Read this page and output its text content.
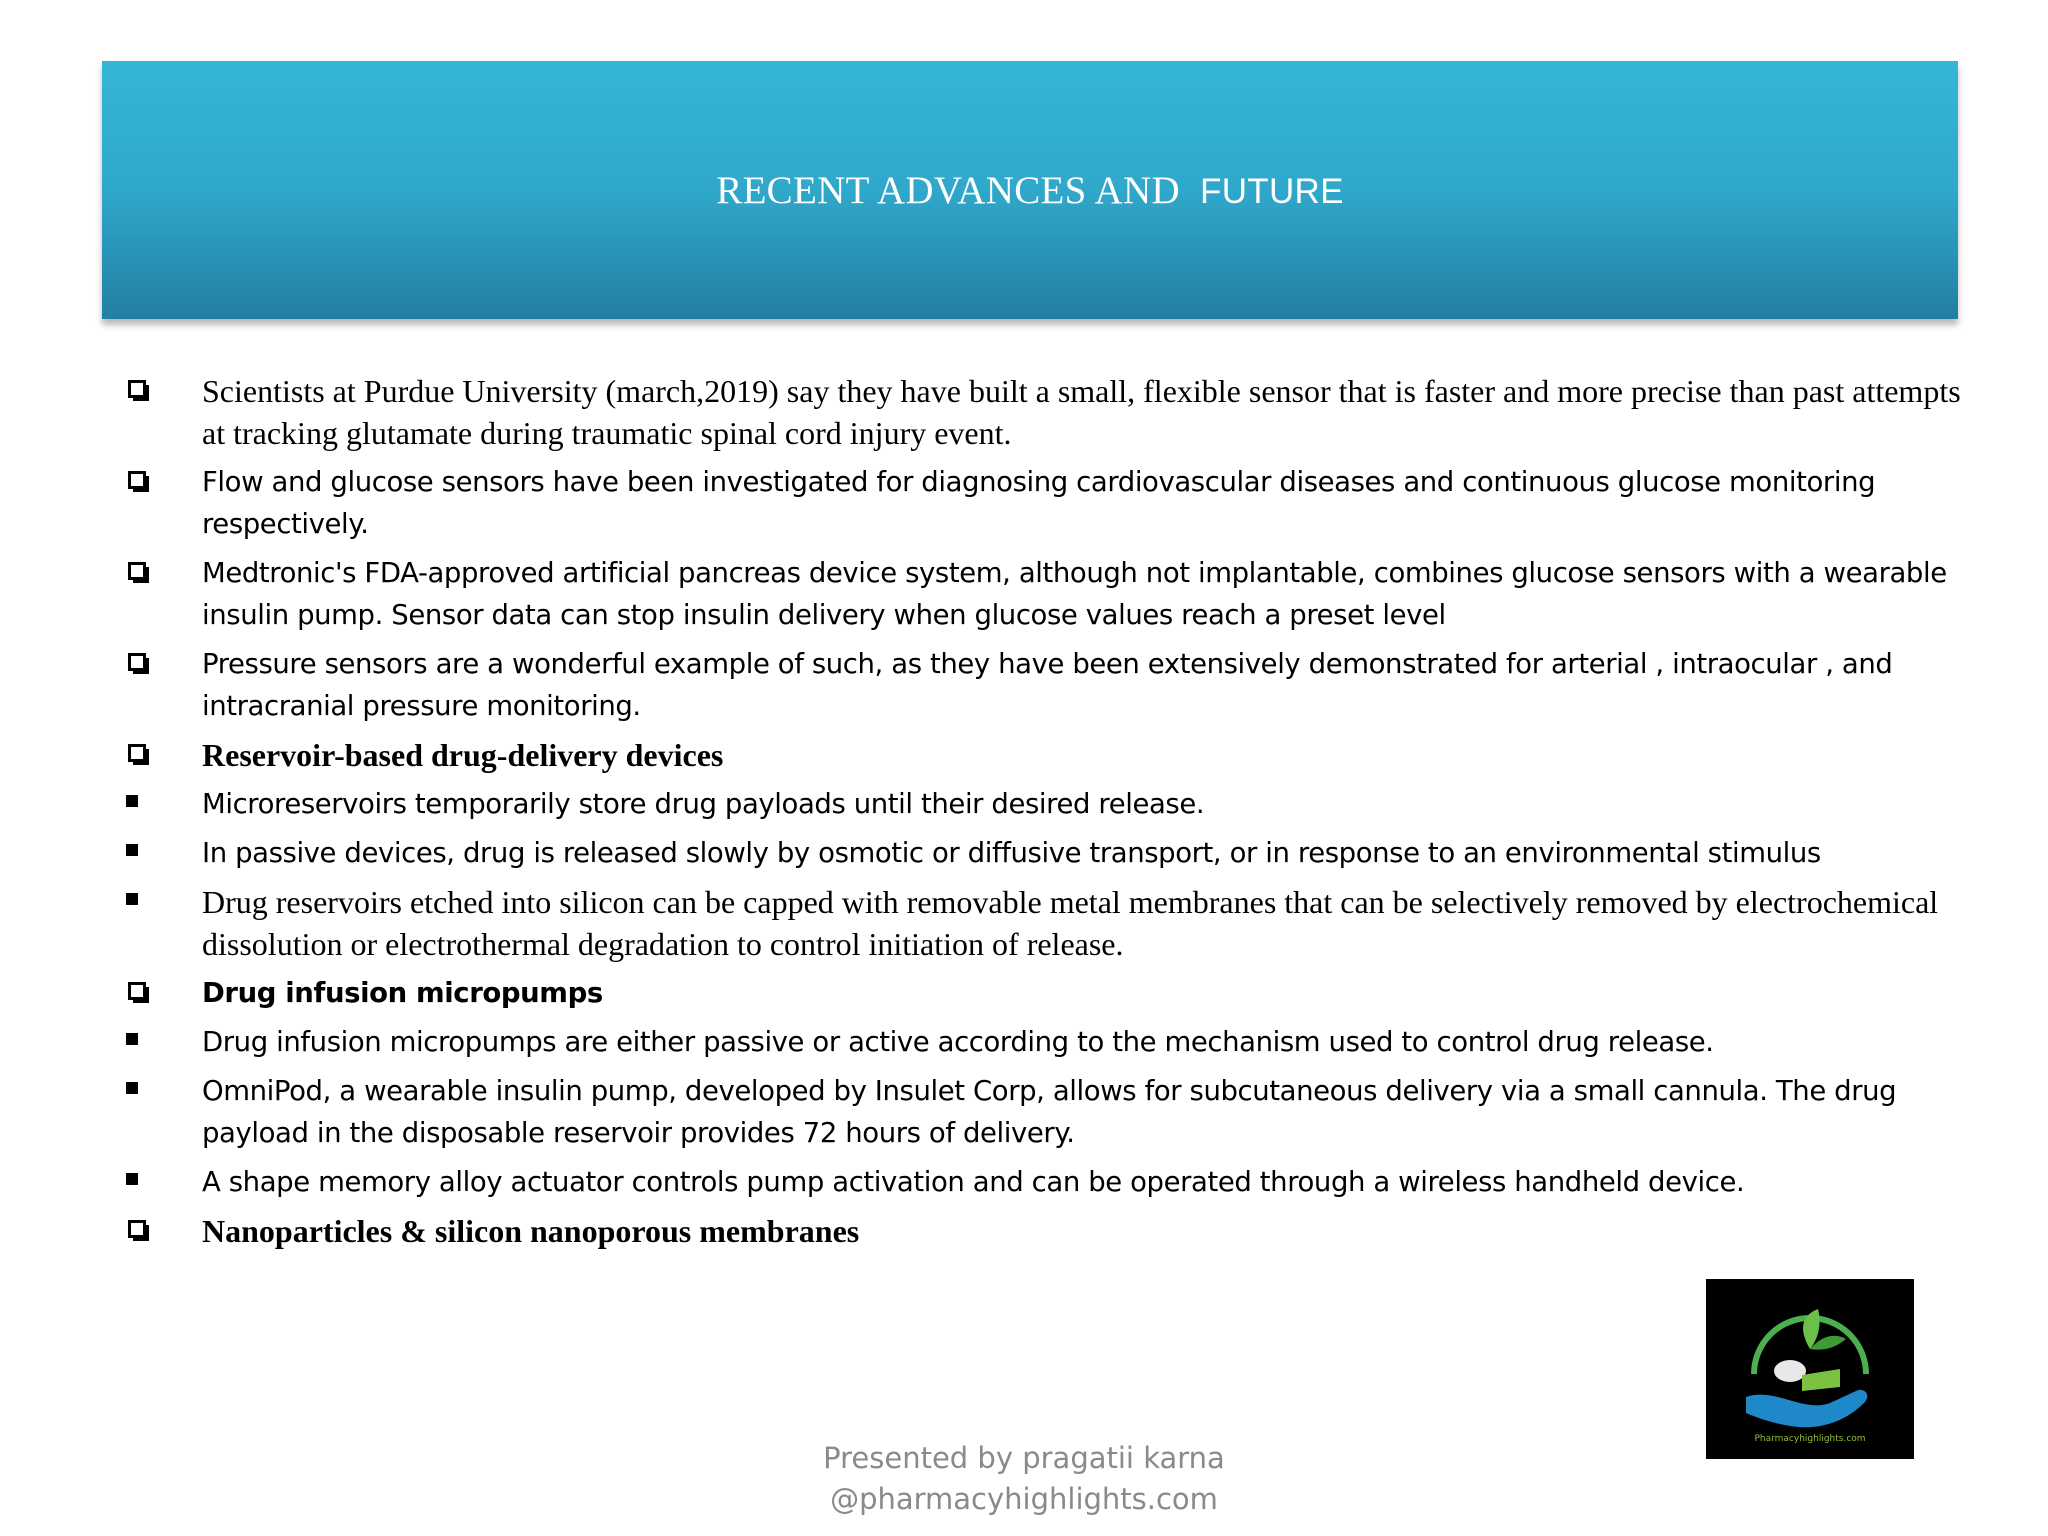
RECENT ADVANCES AND  FUTURE
Scientists at Purdue University (march,2019) say they have built a small, flexible sensor that is faster and more precise than past attempts at tracking glutamate during traumatic spinal cord injury event.
Flow and glucose sensors have been investigated for diagnosing cardiovascular diseases and continuous glucose monitoring respectively.
Medtronic's FDA-approved artificial pancreas device system, although not implantable, combines glucose sensors with a wearable insulin pump. Sensor data can stop insulin delivery when glucose values reach a preset level
Pressure sensors are a wonderful example of such, as they have been extensively demonstrated for arterial , intraocular , and intracranial pressure monitoring.
Reservoir-based drug-delivery devices
Microreservoirs temporarily store drug payloads until their desired release.
In passive devices, drug is released slowly by osmotic or diffusive transport, or in response to an environmental stimulus
Drug reservoirs etched into silicon can be capped with removable metal membranes that can be selectively removed by electrochemical dissolution or electrothermal degradation to control initiation of release.
Drug infusion micropumps
Drug infusion micropumps are either passive or active according to the mechanism used to control drug release.
OmniPod, a wearable insulin pump, developed by Insulet Corp, allows for subcutaneous delivery via a small cannula. The drug payload in the disposable reservoir provides 72 hours of delivery.
A shape memory alloy actuator controls pump activation and can be operated through a wireless handheld device.
Nanoparticles & silicon nanoporous membranes
Pharmacyhighlights.com
Presented by pragatii karna
@pharmacyhighlights.com
